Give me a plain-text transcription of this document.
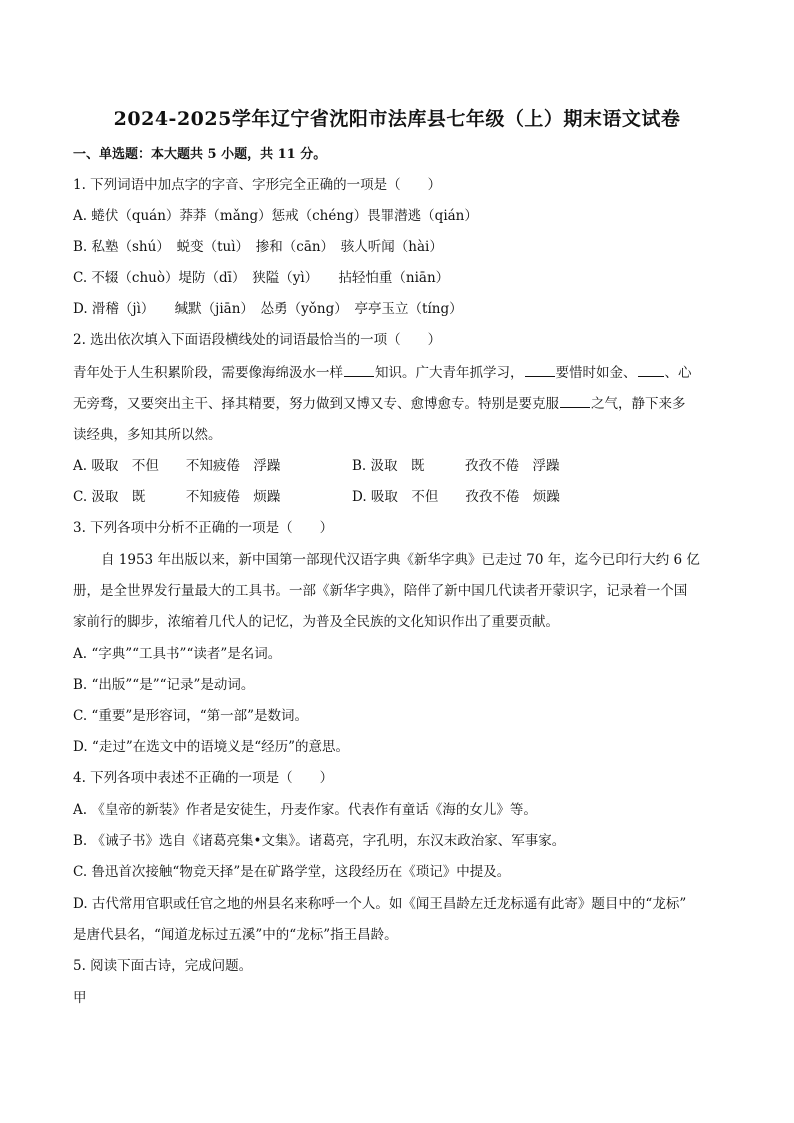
2024-2025学年辽宁省沈阳市法库县七年级（上）期末语文试卷
一、单选题：本大题共 5 小题，共 11 分。
1. 下列词语中加点字的字音、字形完全正确的一项是（　　）
A. 蜷伏（quán）莽莽（mǎng）惩戒（chéng）畏罪潜逃（qián）
B. 私塾（shú）　蜕变（tuì）　掺和（cān）　骇人听闻（hài）
C. 不辍（chuò）堤防（dī）　狭隘（yì）　　拈轻怕重（niān）
D. 滑稽（jì）　　缄默（jiān）　怂勇（yǒng）　亭亭玉立（tíng）
2. 选出依次填入下面语段横线处的词语最恰当的一项（　　）
青年处于人生积累阶段，需要像海绵汲水一样 知识。广大青年抓学习， 要惜时如金、 、心
无旁骛，又要突出主干、择其精要，努力做到又博又专、愈博愈专。特别是要克服 之气，静下来多
读经典，多知其所以然。
A. 吸取　不但　　不知疲倦　浮躁	B. 汲取　既　　　孜孜不倦　浮躁
C. 汲取　既　　　不知疲倦　烦躁	D. 吸取　不但　　孜孜不倦　烦躁
3. 下列各项中分析不正确的一项是（　　）
自 1953 年出版以来，新中国第一部现代汉语字典《新华字典》已走过 70 年，迄今已印行大约 6 亿
册，是全世界发行量最大的工具书。一部《新华字典》，陪伴了新中国几代读者开蒙识字，记录着一个国
家前行的脚步，浓缩着几代人的记忆，为普及全民族的文化知识作出了重要贡献。
A. “字典”“工具书”“读者”是名词。
B. “出版”“是”“记录”是动词。
C. “重要”是形容词，“第一部”是数词。
D. “走过”在选文中的语境义是“经历”的意思。
4. 下列各项中表述不正确的一项是（　　）
A. 《皇帝的新装》作者是安徒生，丹麦作家。代表作有童话《海的女儿》等。
B. 《诫子书》选自《诸葛亮集•文集》。诸葛亮，字孔明，东汉末政治家、军事家。
C. 鲁迅首次接触“物竞天择”是在矿路学堂，这段经历在《琐记》中提及。
D. 古代常用官职或任官之地的州县名来称呼一个人。如《闻王昌龄左迁龙标遥有此寄》题目中的“龙标”
是唐代县名，“闻道龙标过五溪”中的“龙标”指王昌龄。
5. 阅读下面古诗，完成问题。
甲
